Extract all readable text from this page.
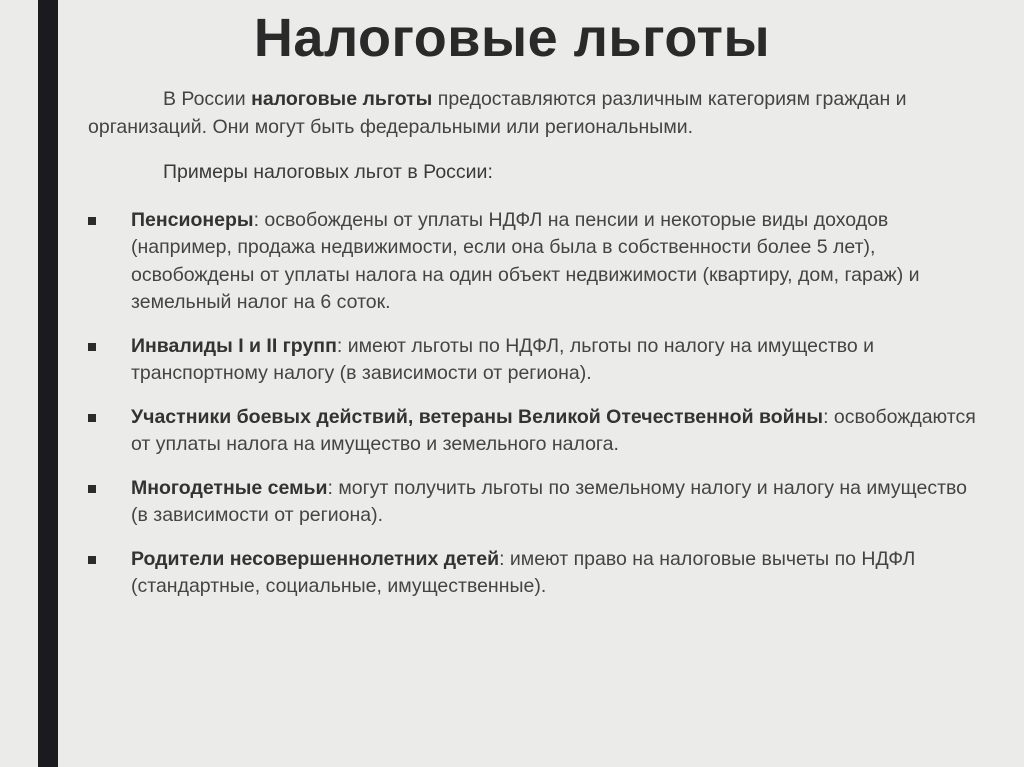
Налоговые льготы

В России налоговые льготы предоставляются различным категориям граждан и организаций. Они могут быть федеральными или региональными.

Примеры налоговых льгот в России:
Пенсионеры: освобождены от уплаты НДФЛ на пенсии и некоторые виды доходов (например, продажа недвижимости, если она была в собственности более 5 лет), освобождены от уплаты налога на один объект недвижимости (квартиру, дом, гараж) и земельный налог на 6 соток.
Инвалиды I и II групп: имеют льготы по НДФЛ, льготы по налогу на имущество и транспортному налогу (в зависимости от региона).
Участники боевых действий, ветераны Великой Отечественной войны: освобождаются от уплаты налога на имущество и земельного налога.
Многодетные семьи: могут получить льготы по земельному налогу и налогу на имущество (в зависимости от региона).
Родители несовершеннолетних детей: имеют право на налоговые вычеты по НДФЛ (стандартные, социальные, имущественные).
